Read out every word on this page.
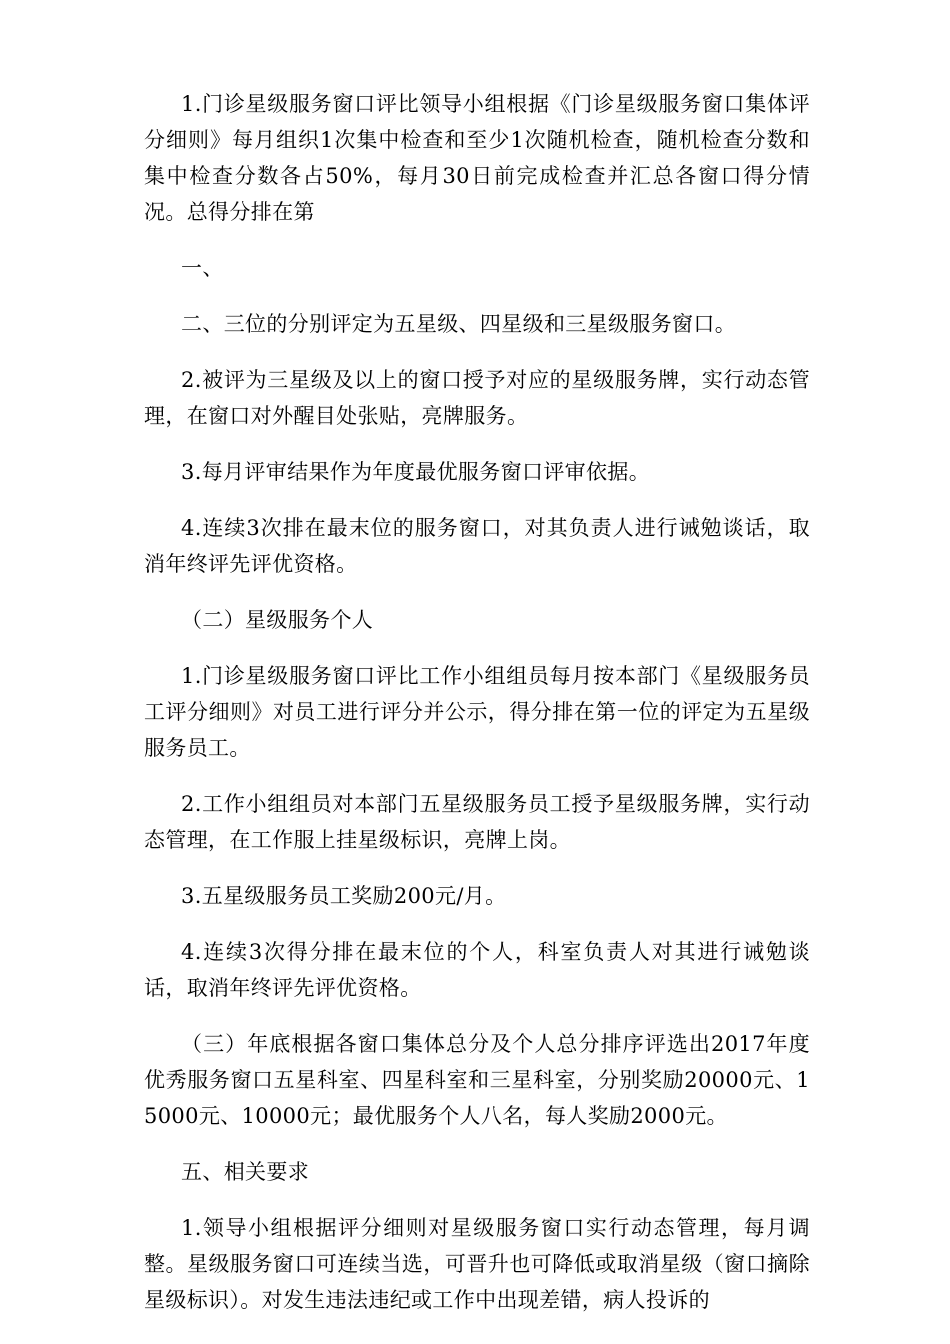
1.门诊星级服务窗口评比领导小组根据《门诊星级服务窗口集体评分细则》每月组织1次集中检查和至少1次随机检查，随机检查分数和集中检查分数各占50%，每月30日前完成检查并汇总各窗口得分情况。总得分排在第

一、

二、三位的分别评定为五星级、四星级和三星级服务窗口。

2.被评为三星级及以上的窗口授予对应的星级服务牌，实行动态管理，在窗口对外醒目处张贴，亮牌服务。

3.每月评审结果作为年度最优服务窗口评审依据。

4.连续3次排在最末位的服务窗口，对其负责人进行诫勉谈话，取消年终评先评优资格。

（二）星级服务个人

1.门诊星级服务窗口评比工作小组组员每月按本部门《星级服务员工评分细则》对员工进行评分并公示，得分排在第一位的评定为五星级服务员工。

2.工作小组组员对本部门五星级服务员工授予星级服务牌，实行动态管理，在工作服上挂星级标识，亮牌上岗。

3.五星级服务员工奖励200元/月。

4.连续3次得分排在最末位的个人，科室负责人对其进行诫勉谈话，取消年终评先评优资格。

（三）年底根据各窗口集体总分及个人总分排序评选出2017年度优秀服务窗口五星科室、四星科室和三星科室，分别奖励20000元、15000元、10000元；最优服务个人八名，每人奖励2000元。

五、相关要求

1.领导小组根据评分细则对星级服务窗口实行动态管理，每月调整。星级服务窗口可连续当选，可晋升也可降低或取消星级（窗口摘除星级标识）。对发生违法违纪或工作中出现差错，病人投诉的
